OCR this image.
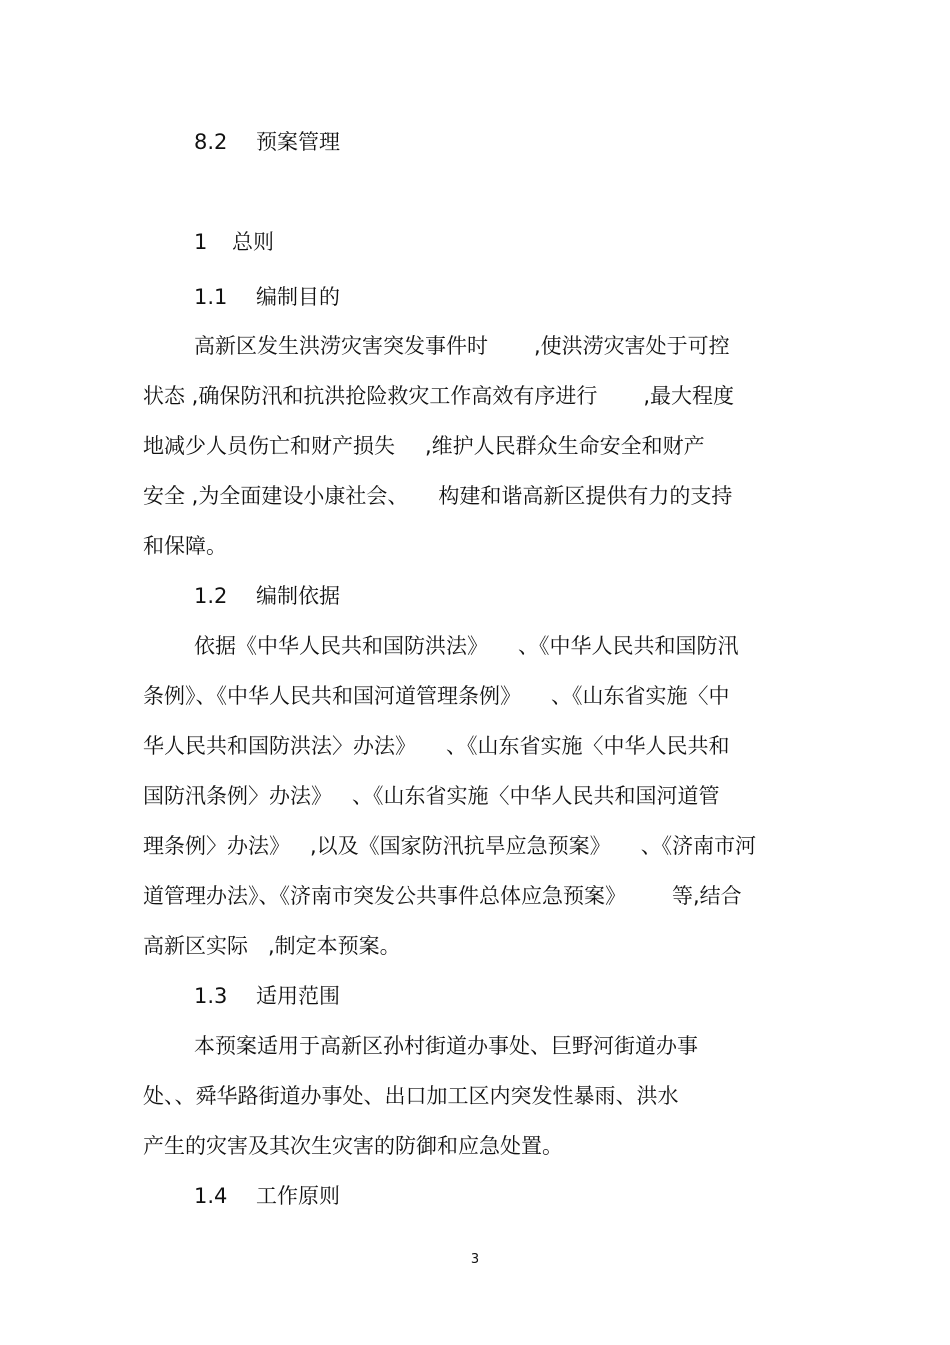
8.2 预案管理

1 总则

1.1 编制目的

高新区发生洪涝灾害突发事件时 ,使洪涝灾害处于可控

状态 ,确保防汛和抗洪抢险救灾工作高效有序进行 ,最大程度

地减少人员伤亡和财产损失 ,维护人民群众生命安全和财产

安全 ,为全面建设小康社会、 构建和谐高新区提供有力的支持

和保障。

1.2 编制依据

依据《中华人民共和国防洪法》 、《中华人民共和国防汛

条例》、《中华人民共和国河道管理条例》 、《山东省实施〈中

华人民共和国防洪法〉办法》 、《山东省实施〈中华人民共和

国防汛条例〉办法》 、《山东省实施〈中华人民共和国河道管

理条例〉办法》 ,以及《国家防汛抗旱应急预案》 、《济南市河

道管理办法》、《济南市突发公共事件总体应急预案》 等,结合

高新区实际 ,制定本预案。

1.3 适用范围

本预案适用于高新区孙村街道办事处、巨野河街道办事

处、、舜华路街道办事处、出口加工区内突发性暴雨、洪水

产生的灾害及其次生灾害的防御和应急处置。

1.4 工作原则

3
